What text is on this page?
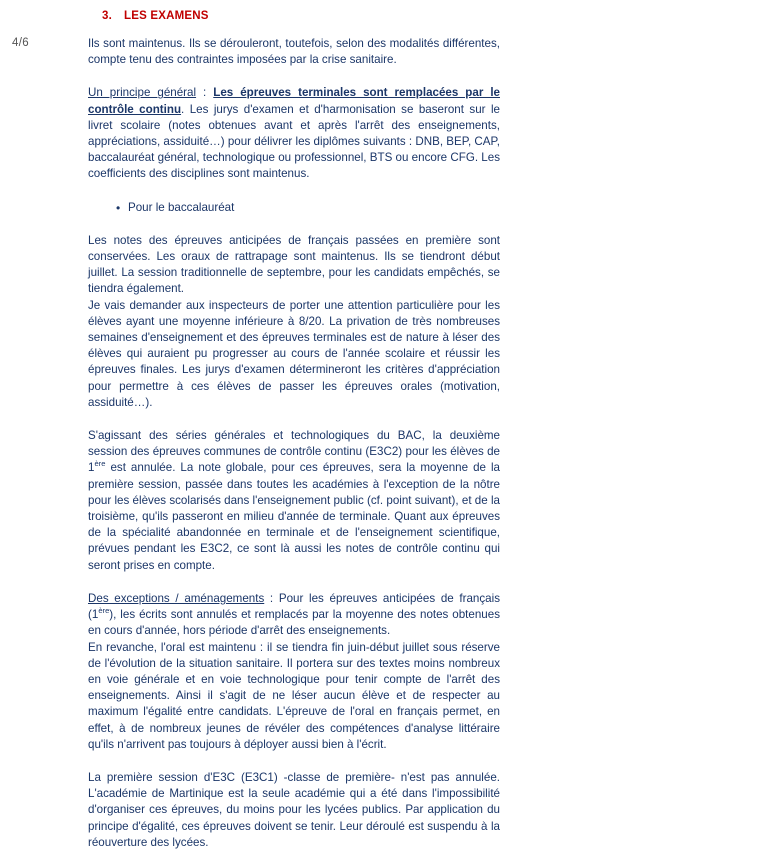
4/6
3. LES EXAMENS

Ils sont maintenus. Ils se dérouleront, toutefois, selon des modalités différentes, compte tenu des contraintes imposées par la crise sanitaire.

Un principe général : Les épreuves terminales sont remplacées par le contrôle continu. Les jurys d'examen et d'harmonisation se baseront sur le livret scolaire (notes obtenues avant et après l'arrêt des enseignements, appréciations, assiduité…) pour délivrer les diplômes suivants : DNB, BEP, CAP, baccalauréat général, technologique ou professionnel, BTS ou encore CFG. Les coefficients des disciplines sont maintenus.

• Pour le baccalauréat

Les notes des épreuves anticipées de français passées en première sont conservées. Les oraux de rattrapage sont maintenus. Ils se tiendront début juillet. La session traditionnelle de septembre, pour les candidats empêchés, se tiendra également.

Je vais demander aux inspecteurs de porter une attention particulière pour les élèves ayant une moyenne inférieure à 8/20. La privation de très nombreuses semaines d'enseignement et des épreuves terminales est de nature à léser des élèves qui auraient pu progresser au cours de l'année scolaire et réussir les épreuves finales. Les jurys d'examen détermineront les critères d'appréciation pour permettre à ces élèves de passer les épreuves orales (motivation, assiduité…).

S'agissant des séries générales et technologiques du BAC, la deuxième session des épreuves communes de contrôle continu (E3C2) pour les élèves de 1ère est annulée. La note globale, pour ces épreuves, sera la moyenne de la première session, passée dans toutes les académies à l'exception de la nôtre pour les élèves scolarisés dans l'enseignement public (cf. point suivant), et de la troisième, qu'ils passeront en milieu d'année de terminale. Quant aux épreuves de la spécialité abandonnée en terminale et de l'enseignement scientifique, prévues pendant les E3C2, ce sont là aussi les notes de contrôle continu qui seront prises en compte.

Des exceptions / aménagements : Pour les épreuves anticipées de français (1ère), les écrits sont annulés et remplacés par la moyenne des notes obtenues en cours d'année, hors période d'arrêt des enseignements.

En revanche, l'oral est maintenu : il se tiendra fin juin-début juillet sous réserve de l'évolution de la situation sanitaire. Il portera sur des textes moins nombreux en voie générale et en voie technologique pour tenir compte de l'arrêt des enseignements. Ainsi il s'agit de ne léser aucun élève et de respecter au maximum l'égalité entre candidats. L'épreuve de l'oral en français permet, en effet, à de nombreux jeunes de révéler des compétences d'analyse littéraire qu'ils n'arrivent pas toujours à déployer aussi bien à l'écrit.

La première session d'E3C (E3C1) -classe de première- n'est pas annulée. L'académie de Martinique est la seule académie qui a été dans l'impossibilité d'organiser ces épreuves, du moins pour les lycées publics. Par application du principe d'égalité, ces épreuves doivent se tenir. Leur déroulé est suspendu à la réouverture des lycées.
